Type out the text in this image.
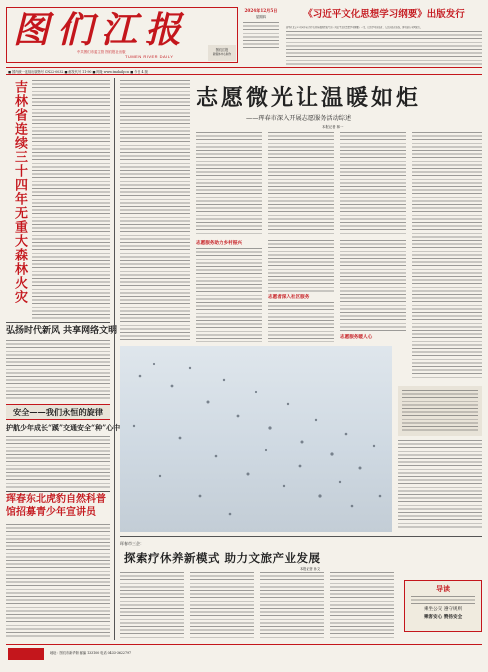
图们江报
中共图们市委主管 图们报社出版
TUMEN RIVER DAILY
2024年12月5日
星期四
图们江报
新媒体中心制作
《习近平文化思想学习纲要》出版发行
新华社北京12月4日电 由中央宣传部组织编写的《习近平文化思想学习纲要》一书，已由学习出版社、人民出版社出版，即日起在全国发行。
■ 国内统一连续出版物号 CN22-0032 ■ 邮发代号 11-90 ■ 网址 www.tmdaily.cn ■ 今日 4 版
吉林省连续三十四年无重大森林火灾
弘扬时代新风 共享网络文明
安全——我们永恒的旋律
护航少年成长“蹊”交通安全“种”心中
珲春东北虎豹自然科普馆招募青少年宣讲员
志愿微光让温暖如炬
——珲春市深入开展志愿服务活动综述
本报记者 林一
志愿服务助力乡村振兴
志愿者深入社区服务
志愿服务暖人心
珲春市三企：
探索疗休养新模式 助力文旅产业发展
本报记者 孙文
导读
乘坐公交 遵守规则
乘客安心 赞扬安全
地址：图们市新华街 邮编 133100 电话 0433-3622797
